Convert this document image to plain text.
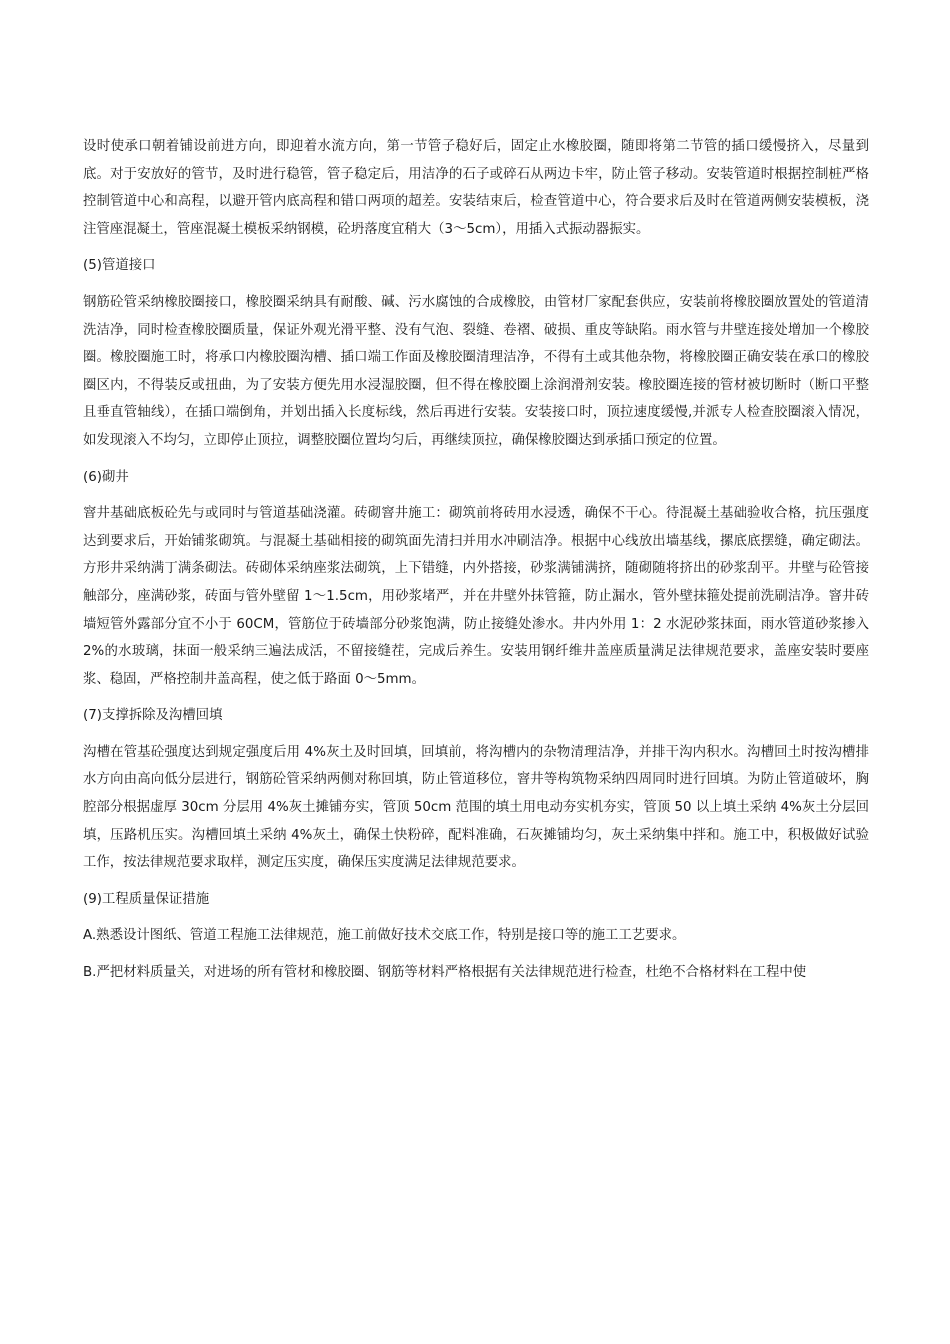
设时使承口朝着铺设前进方向，即迎着水流方向，第一节管子稳好后，固定止水橡胶圈，随即将第二节管的插口缓慢挤入，尽量到底。对于安放好的管节，及时进行稳管，管子稳定后，用洁净的石子或碎石从两边卡牢，防止管子移动。安装管道时根据控制桩严格控制管道中心和高程，以避开管内底高程和错口两项的超差。安装结束后，检查管道中心，符合要求后及时在管道两侧安装模板，浇注管座混凝土，管座混凝土模板采纳钢模，砼坍落度宜稍大（3～5cm），用插入式振动器振实。

(5)管道接口

钢筋砼管采纳橡胶圈接口，橡胶圈采纳具有耐酸、碱、污水腐蚀的合成橡胶，由管材厂家配套供应，安装前将橡胶圈放置处的管道清洗洁净，同时检查橡胶圈质量，保证外观光滑平整、没有气泡、裂缝、卷褶、破损、重皮等缺陷。雨水管与井壁连接处增加一个橡胶圈。橡胶圈施工时，将承口内橡胶圈沟槽、插口端工作面及橡胶圈清理洁净，不得有土或其他杂物，将橡胶圈正确安装在承口的橡胶圈区内，不得装反或扭曲，为了安装方便先用水浸湿胶圈，但不得在橡胶圈上涂润滑剂安装。橡胶圈连接的管材被切断时（断口平整且垂直管轴线），在插口端倒角，并划出插入长度标线，然后再进行安装。安装接口时，顶拉速度缓慢,并派专人检查胶圈滚入情况，如发现滚入不均匀，立即停止顶拉，调整胶圈位置均匀后，再继续顶拉，确保橡胶圈达到承插口预定的位置。

(6)砌井

窨井基础底板砼先与或同时与管道基础浇灌。砖砌窨井施工：砌筑前将砖用水浸透，确保不干心。待混凝土基础验收合格，抗压强度达到要求后，开始铺浆砌筑。与混凝土基础相接的砌筑面先清扫并用水冲刷洁净。根据中心线放出墙基线，摞底底摆缝，确定砌法。方形井采纳满丁满条砌法。砖砌体采纳座浆法砌筑，上下错缝，内外搭接，砂浆满铺满挤，随砌随将挤出的砂浆刮平。井壁与砼管接触部分，座满砂浆，砖面与管外壁留 1～1.5cm，用砂浆堵严，并在井壁外抹管箍，防止漏水，管外壁抹箍处提前洗刷洁净。窨井砖墙短管外露部分宜不小于 60CM，管筋位于砖墙部分砂浆饱满，防止接缝处渗水。井内外用 1：2 水泥砂浆抹面，雨水管道砂浆掺入 2%的水玻璃，抹面一般采纳三遍法成活，不留接缝茬，完成后养生。安装用钢纤维井盖座质量满足法律规范要求，盖座安装时要座浆、稳固，严格控制井盖高程，使之低于路面 0～5mm。

(7)支撑拆除及沟槽回填

沟槽在管基砼强度达到规定强度后用 4%灰土及时回填，回填前，将沟槽内的杂物清理洁净，并排干沟内积水。沟槽回土时按沟槽排水方向由高向低分层进行，钢筋砼管采纳两侧对称回填，防止管道移位，窨井等构筑物采纳四周同时进行回填。为防止管道破坏，胸腔部分根据虚厚 30cm 分层用 4%灰土摊铺夯实，管顶 50cm 范围的填土用电动夯实机夯实，管顶 50 以上填土采纳 4%灰土分层回填，压路机压实。沟槽回填土采纳 4%灰土，确保土快粉碎，配料准确，石灰摊铺均匀，灰土采纳集中拌和。施工中，积极做好试验工作，按法律规范要求取样，测定压实度，确保压实度满足法律规范要求。

(9)工程质量保证措施

A.熟悉设计图纸、管道工程施工法律规范，施工前做好技术交底工作，特别是接口等的施工工艺要求。

B.严把材料质量关，对进场的所有管材和橡胶圈、钢筋等材料严格根据有关法律规范进行检查，杜绝不合格材料在工程中使
